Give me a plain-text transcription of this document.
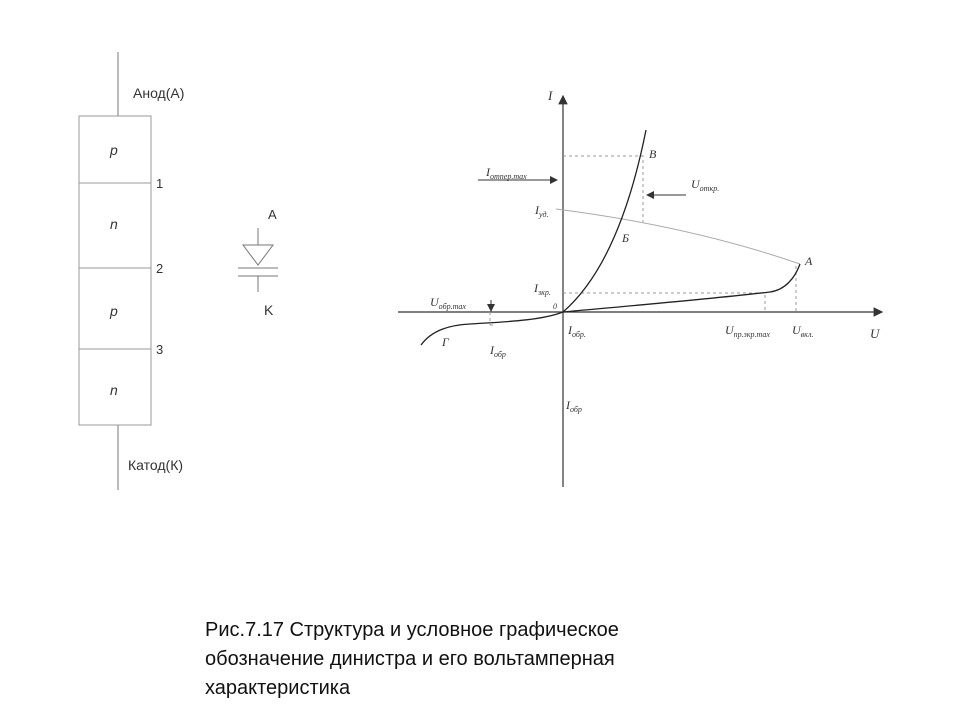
Анод(А)
Катод(К)
p
n
p
n
1
2
3
A
K
I
U
0
$I_{отпер.max}$
$U_{откр.}$
$I_{уд.}$
$I_{зкр.}$
$U_{обр.max}$
$I_{обр.}$
$I_{обр}$
$I_{обр}$
$U_{пр.зкр.max}$ $U_{вкл.}$
A
Б
В
Г
Рис.7.17 Структура и условное графическое
обозначение динистра и его вольтамперная
характеристика
